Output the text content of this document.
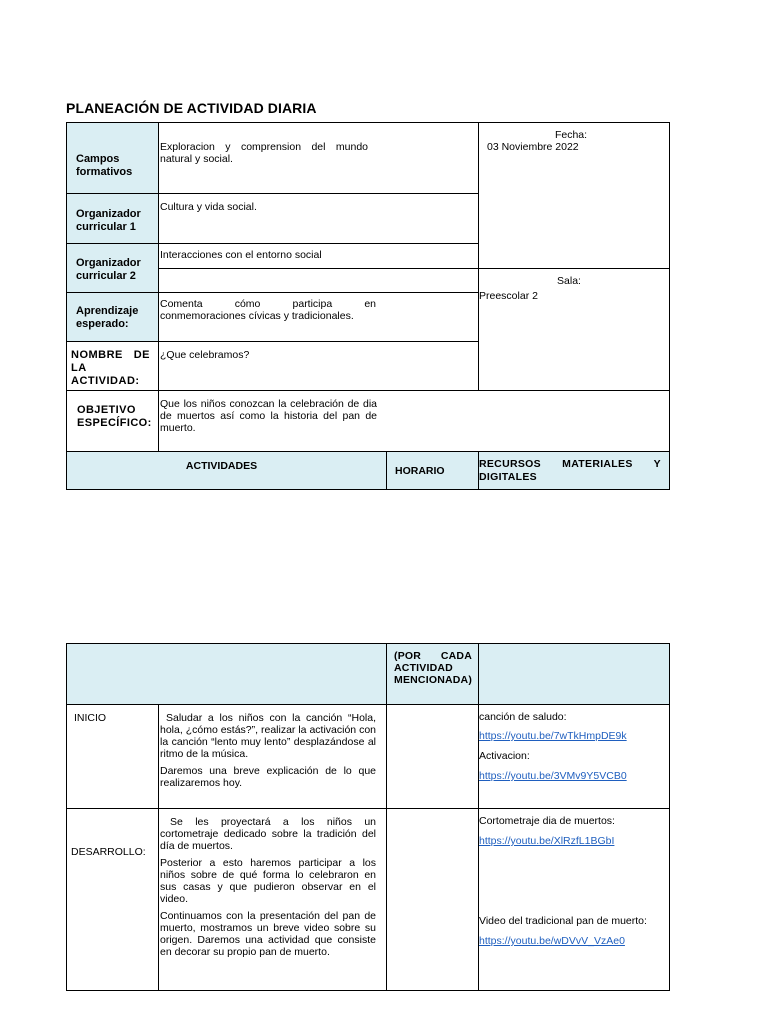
PLANEACIÓN DE ACTIVIDAD DIARIA
Campos formativos
Exploracion y comprension del mundo natural y social.
Organizador curricular 1
Cultura y vida social.
Organizador curricular 2
Interacciones con el entorno social
Aprendizaje esperado:
Comenta cómo participa en conmemoraciones cívicas y tradicionales.
NOMBRE DE LA ACTIVIDAD:
¿Que celebramos?
OBJETIVO ESPECÍFICO:
Que los niños conozcan la celebración de dia de muertos así como la historia del pan de muerto.
Fecha:
03 Noviembre 2022
Sala:
Preescolar 2
ACTIVIDADES	HORARIO
RECURSOS MATERIALES Y DIGITALES
(POR CADA ACTIVIDAD MENCIONADA)
INICIO	Saludar a los niños con la canción “Hola, hola, ¿cómo estás?”, realizar la activación con la canción “lento muy lento” desplazándose al ritmo de la música.

Daremos una breve explicación de lo que realizaremos hoy.

canción de saludo:
https://youtu.be/7wTkHmpDE9k
Activacion:
https://youtu.be/3VMv9Y5VCB0
DESARROLLO:

Se les proyectará a los niños un cortometraje dedicado sobre la tradición del día de muertos.

Posterior a esto haremos participar a los niños sobre de qué forma lo celebraron en sus casas y que pudieron observar en el video.

Continuamos con la presentación del pan de muerto, mostramos un breve video sobre su origen. Daremos una actividad que consiste en decorar su propio pan de muerto.

Cortometraje dia de muertos:
https://youtu.be/XlRzfL1BGbI
Video del tradicional pan de muerto:
https://youtu.be/wDVvV_VzAe0
